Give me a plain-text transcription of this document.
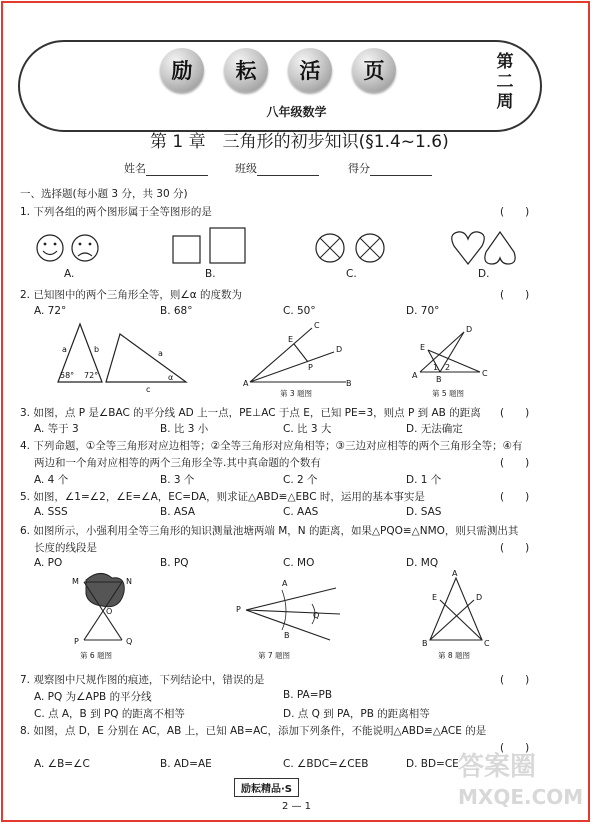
励	耘	活	页	第
二
周
八年级数学
第 1 章　三角形的初步知识(§1.4~1.6)
姓名	班级	得分
一、选择题(每小题 3 分，共 30 分)
1. 下列各组的两个图形属于全等图形的是	(　　)
A.	B.	C.	D.
2. 已知图中的两个三角形全等，则∠α 的度数为	(　　)
A. 72°	B. 68°	C. 50°	D. 70°
a	b
c
a
α
58° 72°
C
E
D
P
A	B
E
D
A
1 2
B
C
第 3 题图	第 5 题图
3. 如图，点 P 是∠BAC 的平分线 AD 上一点，PE⊥AC 于点 E，已知 PE=3，则点 P 到 AB 的距离 (　　)
A. 等于 3	B. 比 3 小	C. 比 3 大	D. 无法确定
4. 下列命题，①全等三角形对应边相等；②全等三角形对应角相等；③三边对应相等的两个三角形全等；④有
两边和一个角对应相等的两个三角形全等.其中真命题的个数有	(　　)
A. 4 个	B. 3 个	C. 2 个	D. 1 个
5. 如图，∠1=∠2，∠E=∠A，EC=DA，则求证△ABD≌△EBC 时，运用的基本事实是	(　　)
A. SSS	B. ASA	C. AAS	D. SAS
6. 如图所示，小强利用全等三角形的知识测量池塘两端 M，N 的距离，如果△PQO≌△NMO，则只需测出其
长度的线段是	(　　)
A. PO	B. PQ	C. MO	D. MQ
M	N
O
P	Q
P
Q
A
B
A
E	D
B	C
第 6 题图	第 7 题图	第 8 题图
7. 观察图中尺规作图的痕迹，下列结论中，错误的是	(　　)
A. PQ 为∠APB 的平分线	B. PA=PB
C. 点 A，B 到 PQ 的距离不相等	D. 点 Q 到 PA，PB 的距离相等
8. 如图，点 D，E 分别在 AC，AB 上，已知 AB=AC，添加下列条件，不能说明△ABD≌△ACE 的是
(　　)
A. ∠B=∠C	B. AD=AE	C. ∠BDC=∠CEB	D. BD=CE
励耘精品·S
2 — 1
答案圈
MXQE.COM
